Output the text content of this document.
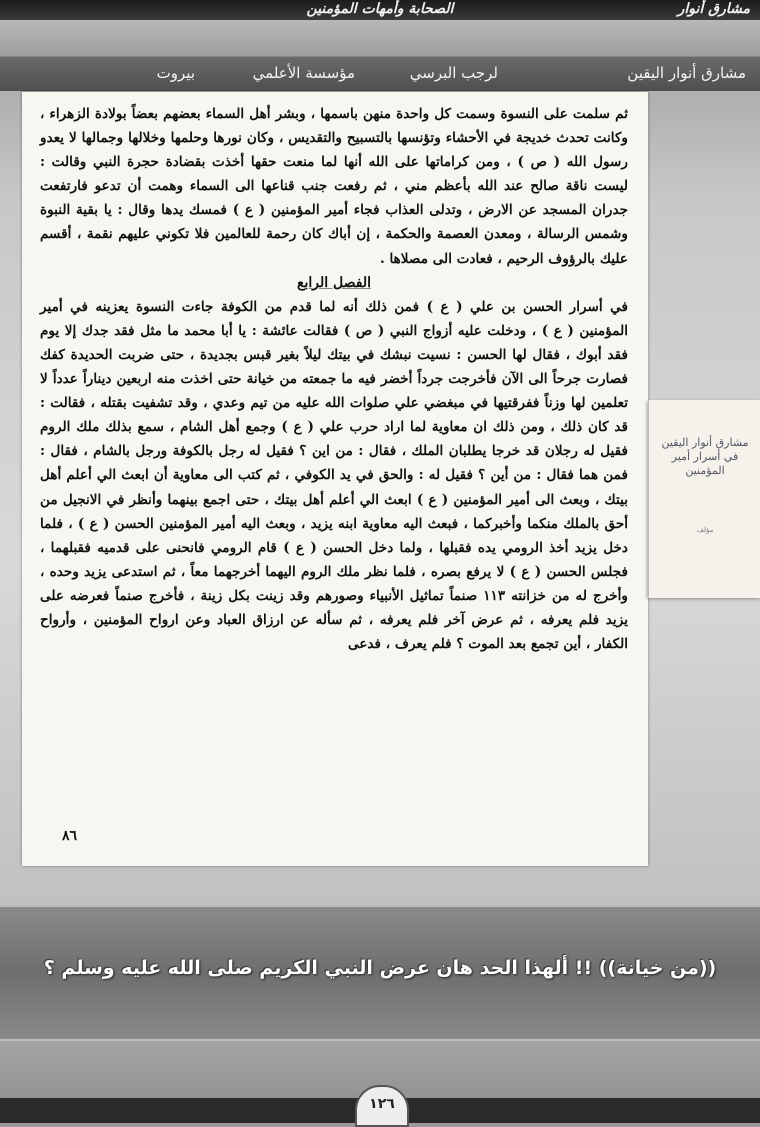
مشارق أنوار
الصحابة وأمهات المؤمنين
مشارق أنوار اليقين
لرجب البرسي
مؤسسة الأعلمي
بيروت

ثم سلمت على النسوة وسمت كل واحدة منهن باسمها ، وبشر أهل السماء بعضهم بعضاً بولادة الزهراء ، وكانت تحدث خديجة في الأحشاء وتؤنسها بالتسبيح والتقديس ، وكان نورها وحلمها وخلالها وجمالها لا يعدو رسول الله ( ص ) ، ومن كراماتها على الله أنها لما منعت حقها أخذت بقضادة حجرة النبي وقالت : ليست ناقة صالح عند الله بأعظم مني ، ثم رفعت جنب قناعها الى السماء وهمت أن تدعو فارتفعت جدران المسجد عن الارض ، وتدلى العذاب فجاء أمير المؤمنين ( ع ) فمسك يدها وقال : يا بقية النبوة وشمس الرسالة ، ومعدن العصمة والحكمة ، إن أباك كان رحمة للعالمين فلا تكوني عليهم نقمة ، أقسم عليك بالرؤوف الرحيم ، فعادت الى مصلاها .

الفصل الرابع

في أسرار الحسن بن علي ( ع ) فمن ذلك أنه لما قدم من الكوفة جاءت النسوة يعزينه في أمير المؤمنين ( ع ) ، ودخلت عليه أزواج النبي ( ص ) فقالت عائشة : يا أبا محمد ما مثل فقد جدك إلا يوم فقد أبوك ، فقال لها الحسن : نسيت نبشك في بيتك ليلاً بغير قبس بجديدة ، حتى ضربت الحديدة كفك فصارت جرحاً الى الآن فأخرجت جرداً أخضر فيه ما جمعته من خيانة حتى اخذت منه اربعين ديناراً عدداً لا تعلمين لها وزناً ففرقتيها في مبغضي علي صلوات الله عليه من تيم وعدي ، وقد تشفيت بقتله ، فقالت : قد كان ذلك ، ومن ذلك ان معاوية لما اراد حرب علي ( ع ) وجمع أهل الشام ، سمع بذلك ملك الروم فقيل له رجلان قد خرجا يطلبان الملك ، فقال : من اين ؟ فقيل له رجل بالكوفة ورجل بالشام ، فقال : فمن هما فقال : من أين ؟ فقيل له : والحق في يد الكوفي ، ثم كتب الى معاوية أن ابعث الي أعلم أهل بيتك ، وبعث الى أمير المؤمنين ( ع ) ابعث الي أعلم أهل بيتك ، حتى اجمع بينهما وأنظر في الانجيل من أحق بالملك منكما وأخبركما ، فبعث اليه معاوية ابنه يزيد ، وبعث اليه أمير المؤمنين الحسن ( ع ) ، فلما دخل يزيد أخذ الرومي يده فقبلها ، ولما دخل الحسن ( ع ) قام الرومي فانحنى على قدميه فقبلهما ، فجلس الحسن ( ع ) لا يرفع بصره ، فلما نظر ملك الروم اليهما أخرجهما معاً ، ثم استدعى يزيد وحده ، وأخرج له من خزانته ١١٣ صنماً تماثيل الأنبياء وصورهم وقد زينت بكل زينة ، فأخرج صنماً فعرضه على يزيد فلم يعرفه ، ثم عرض آخر فلم يعرفه ، ثم سأله عن ارزاق العباد وعن ارواح المؤمنين ، وأرواح الكفار ، أين تجمع بعد الموت ؟ فلم يعرف ، فدعى

٨٦
مشارق أنوار اليقين في أسرار أمير المؤمنين
مؤلف
((من خيانة)) !! ألهذا الحد هان عرض النبي الكريم صلى الله عليه وسلم ؟
١٢٦
